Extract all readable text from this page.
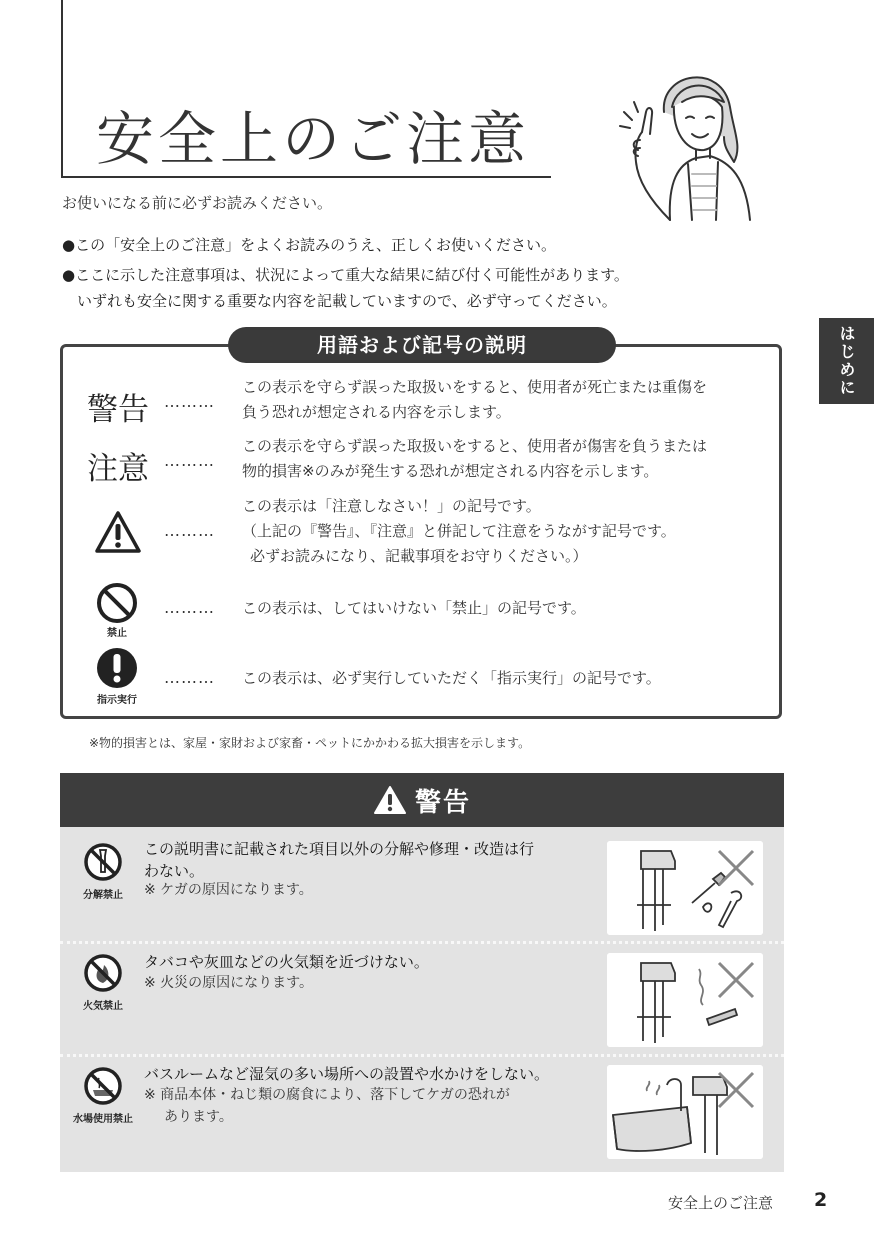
安全上のご注意
お使いになる前に必ずお読みください。
●この「安全上のご注意」をよくお読みのうえ、正しくお使いください。
●ここに示した注意事項は、状況によって重大な結果に結び付く可能性があります。
いずれも安全に関する重要な内容を記載していますので、必ず守ってください。
はじめに
用語および記号の説明
警告 ………
この表示を守らず誤った取扱いをすると、使用者が死亡または重傷を
負う恐れが想定される内容を示します。
注意 ………
この表示を守らず誤った取扱いをすると、使用者が傷害を負うまたは
物的損害※のみが発生する恐れが想定される内容を示します。
………
この表示は「注意しなさい！」の記号です。
（上記の『警告』、『注意』と併記して注意をうながす記号です。
必ずお読みになり、記載事項をお守りください。）
禁止
……… この表示は、してはいけない「禁止」の記号です。
指示実行
……… この表示は、必ず実行していただく「指示実行」の記号です。
※物的損害とは、家屋・家財および家畜・ペットにかかわる拡大損害を示します。
警告
分解禁止
この説明書に記載された項目以外の分解や修理・改造は行
わない。
※ ケガの原因になります。
火気禁止
タバコや灰皿などの火気類を近づけない。
※ 火災の原因になります。
水場使用禁止
バスルームなど湿気の多い場所への設置や水かけをしない。
※ 商品本体・ねじ類の腐食により、落下してケガの恐れが
あります。
安全上のご注意 2
